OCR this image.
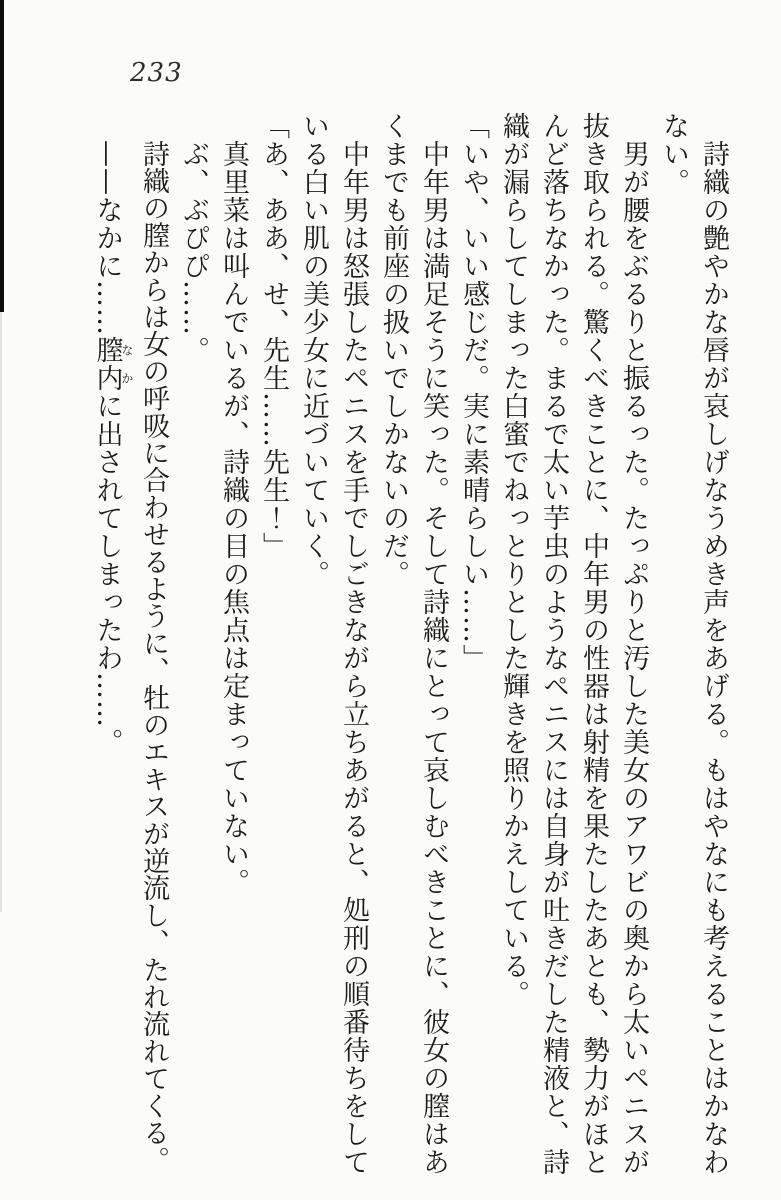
233

詩織の艶やかな唇が哀しげなうめき声をあげる。もはやなにも考えることはかなわない。

男が腰をぶるりと振るった。たっぷりと汚した美女のアワビの奥から太いペニスが抜き取られる。驚くべきことに、中年男の性器は射精を果たしたあとも、勢力がほとんど落ちなかった。まるで太い芋虫のようなペニスには自身が吐きだした精液と、詩織が漏らしてしまった白蜜でねっとりとした輝きを照りかえしている。

「いや、いい感じだ。実に素晴らしい……」

中年男は満足そうに笑った。そして詩織にとって哀しむべきことに、彼女の膣はあくまでも前座の扱いでしかないのだ。

中年男は怒張したペニスを手でしごきながら立ちあがると、処刑の順番待ちをしている白い肌の美少女に近づいていく。

「あ、ああ、せ、先生……先生！」

真里菜は叫んでいるが、詩織の目の焦点は定まっていない。

ぶ、ぶぴぴ……。

詩織の膣からは女の呼吸に合わせるように、牡のエキスが逆流し、たれ流れてくる。

——なかに……膣内なかに出されてしまったわ……。
